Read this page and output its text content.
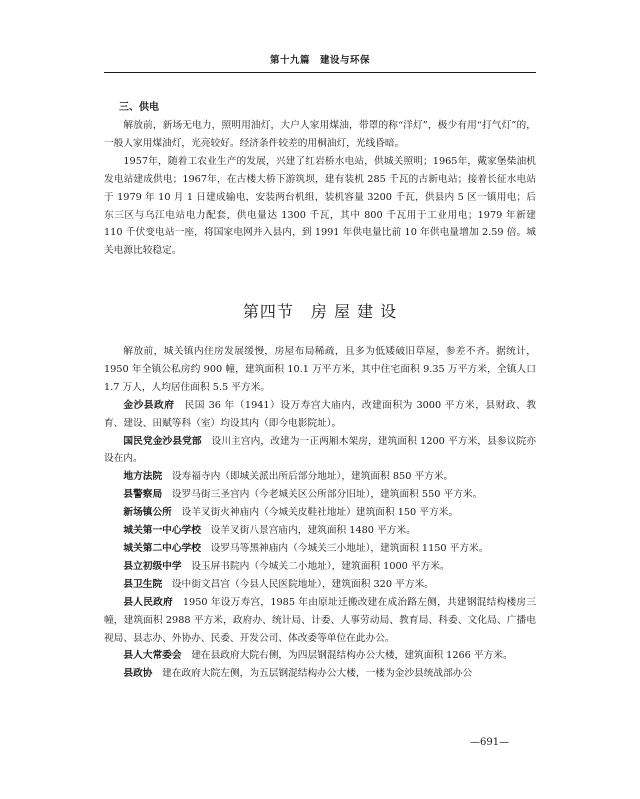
第十九篇　建设与环保

三、供电

解放前，新场无电力，照明用油灯，大户人家用煤油，带罩的称“洋灯”，极少有用“打气灯”的，一般人家用煤油灯，光亮较好。经济条件较差的用桐油灯，光线昏暗。

1957年，随着工农业生产的发展，兴建了红岩桥水电站，供城关照明；1965年，戴家堡柴油机发电站建成供电；1967年，在古楼大桥下游筑坝，建有装机 285 千瓦的古新电站；接着长征水电站于 1979 年 10 月 1 日建成输电，安装两台机组，装机容量 3200 千瓦，供县内 5 区一镇用电；后东三区与乌江电站电力配套，供电量达 1300 千瓦，其中 800 千瓦用于工业用电；1979 年新建 110 千伏变电站一座，将国家电网并入县内，到 1991 年供电量比前 10 年供电量增加 2.59 倍。城关电源比较稳定。

第四节　房 屋 建 设

解放前，城关镇内住房发展缓慢，房屋布局稀疏，且多为低矮破旧草屋，参差不齐。据统计，1950 年全镇公私房约 900 幢，建筑面积 10.1 万平方米，其中住宅面积 9.35 万平方米，全镇人口 1.7 万人，人均居住面积 5.5 平方米。

金沙县政府　民国 36 年（1941）设万寿宫大庙内，改建面积为 3000 平方米，县财政、教育、建设、田赋等科（室）均设其内（即今电影院址）。

国民党金沙县党部　设川主宫内，改建为一正两厢木架房，建筑面积 1200 平方米，县参议院亦设在内。

地方法院　设寿福寺内（即城关派出所后部分地址），建筑面积 850 平方米。

县警察局　设罗马街三圣宫内（今老城关区公所部分旧址），建筑面积 550 平方米。

新场镇公所　设羊叉街火神庙内（今城关皮鞋社地址）建筑面积 150 平方米。

城关第一中心学校　设羊叉街八景宫庙内，建筑面积 1480 平方米。

城关第二中心学校　设罗马等黑神庙内（今城关三小地址），建筑面积 1150 平方米。

县立初级中学　设玉屏书院内（今城关二小地址），建筑面积 1000 平方米。

县卫生院　设中街文昌宫（今县人民医院地址），建筑面积 320 平方米。

县人民政府　1950 年设万寿宫，1985 年由原址迁搬改建在成治路左侧，共建钢混结构楼房三幢，建筑面积 2988 平方米，政府办、统计局、计委、人事劳动局、教育局、科委、文化局、广播电视局、县志办、外协办、民委、开发公司、体改委等单位在此办公。

县人大常委会　建在县政府大院右侧，为四层钢混结构办公大楼，建筑面积 1266 平方米。

县政协　建在政府大院左侧，为五层钢混结构办公大楼，一楼为金沙县统战部办公

—691—
